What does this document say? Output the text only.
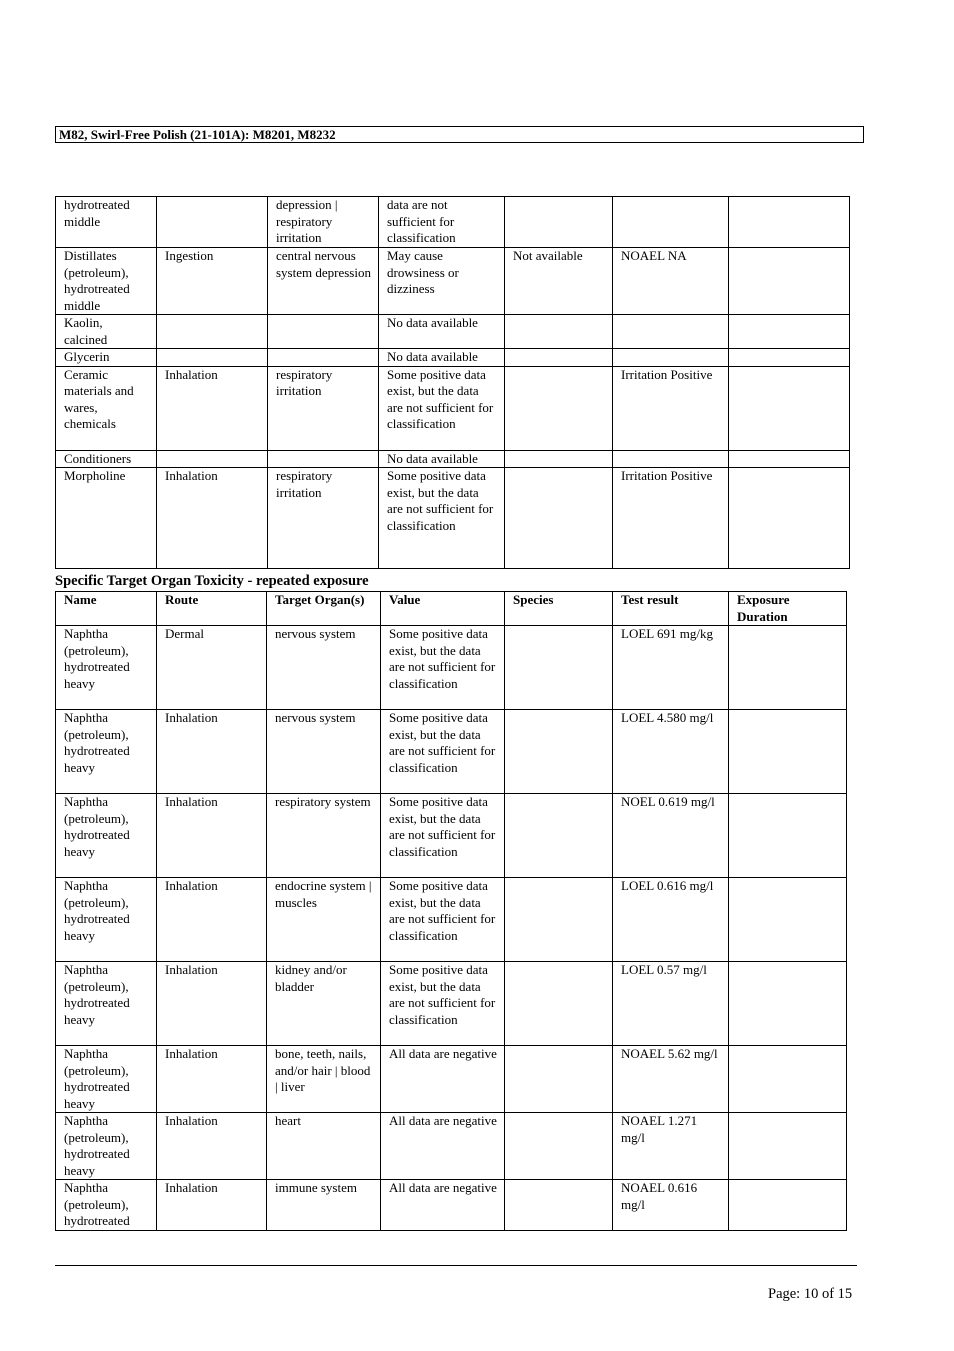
M82, Swirl-Free Polish (21-101A): M8201, M8232
hydrotreated middle		depression | respiratory irritation	data are not sufficient for classification			
Distillates (petroleum), hydrotreated middle	Ingestion	central nervous system depression	May cause drowsiness or dizziness	Not available	NOAEL NA	
Kaolin, calcined			No data available			
Glycerin			No data available			
Ceramic materials and wares, chemicals	Inhalation	respiratory irritation	Some positive data exist, but the data are not sufficient for classification		Irritation Positive	
Conditioners			No data available			
Morpholine	Inhalation	respiratory irritation	Some positive data exist, but the data are not sufficient for classification		Irritation Positive	
Specific Target Organ Toxicity - repeated exposure
Name	Route	Target Organ(s)	Value	Species	Test result	Exposure Duration
Naphtha (petroleum), hydrotreated heavy	Dermal	nervous system	Some positive data exist, but the data are not sufficient for classification		LOEL 691 mg/kg	
Naphtha (petroleum), hydrotreated heavy	Inhalation	nervous system	Some positive data exist, but the data are not sufficient for classification		LOEL 4.580 mg/l	
Naphtha (petroleum), hydrotreated heavy	Inhalation	respiratory system	Some positive data exist, but the data are not sufficient for classification		NOEL 0.619 mg/l	
Naphtha (petroleum), hydrotreated heavy	Inhalation	endocrine system | muscles	Some positive data exist, but the data are not sufficient for classification		LOEL 0.616 mg/l	
Naphtha (petroleum), hydrotreated heavy	Inhalation	kidney and/or bladder	Some positive data exist, but the data are not sufficient for classification		LOEL 0.57 mg/l	
Naphtha (petroleum), hydrotreated heavy	Inhalation	bone, teeth, nails, and/or hair | blood | liver	All data are negative		NOAEL 5.62 mg/l	
Naphtha (petroleum), hydrotreated heavy	Inhalation	heart	All data are negative		NOAEL 1.271 mg/l	
Naphtha (petroleum), hydrotreated	Inhalation	immune system	All data are negative		NOAEL 0.616 mg/l	
Page: 10 of 15
